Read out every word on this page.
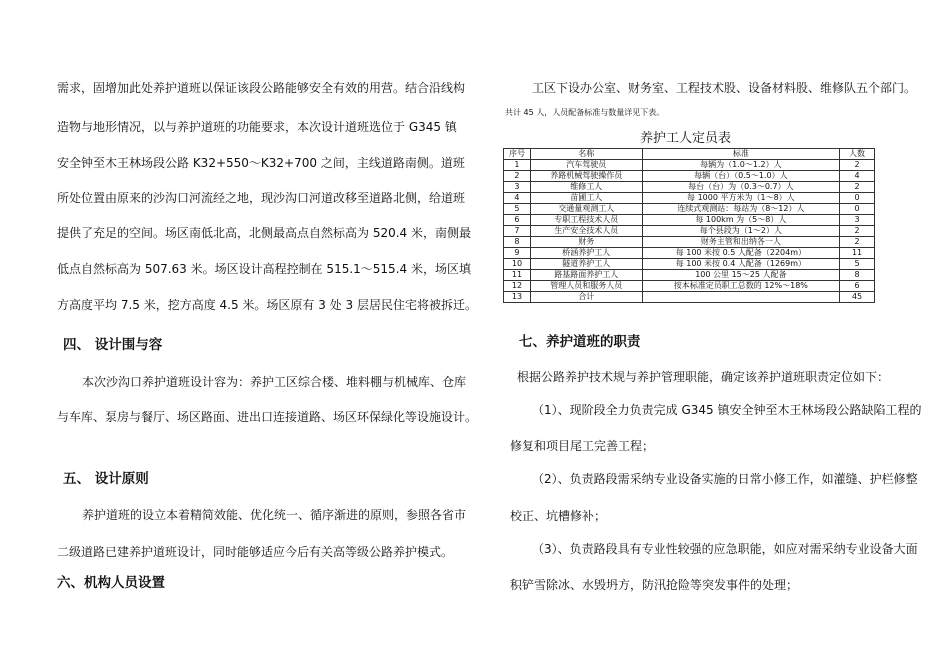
需求，固增加此处养护道班以保证该段公路能够安全有效的用营。结合沿线构
造物与地形情况，以与养护道班的功能要求，本次设计道班选位于 G345 镇
安全钟至木王林场段公路 K32+550～K32+700 之间，主线道路南侧。道班
所处位置由原来的沙沟口河流经之地，现沙沟口河道改移至道路北侧，给道班
提供了充足的空间。场区南低北高，北侧最高点自然标高为 520.4 米，南侧最
低点自然标高为 507.63 米。场区设计高程控制在 515.1～515.4 米，场区填
方高度平均 7.5 米，挖方高度 4.5 米。场区原有 3 处 3 层居民住宅将被拆迁。
四、 设计围与容
本次沙沟口养护道班设计容为：养护工区综合楼、堆料棚与机械库、仓库
与车库、泵房与餐厅、场区路面、进出口连接道路、场区环保绿化等设施设计。
五、 设计原则
养护道班的设立本着精简效能、优化统一、循序渐进的原则，参照各省市
二级道路已建养护道班设计，同时能够适应今后有关高等级公路养护模式。
六、机构人员设置
工区下设办公室、财务室、工程技术股、设备材料股、维修队五个部门。
共计 45 人，人员配备标准与数量详见下表。
养护工人定员表
序号	名称	标准	人数
1	汽车驾驶员	每辆为（1.0～1.2）人	2
2	养路机械驾驶操作员	每辆（台）（0.5～1.0）人	4
3	维修工人	每台（台）为（0.3～0.7）人	2
4	苗圃工人	每 1000 平方米为（1～8）人	0
5	交通量观测工人	连续式观测站：每站为（8～12）人	0
6	专职工程技术人员	每 100km 为（5～8）人	3
7	生产安全技术人员	每个县段为（1～2）人	2
8	财务	财务主管和出纳各一人	2
9	桥涵养护工人	每 100 米按 0.5 人配备（2204m）	11
10	隧道养护工人	每 100 米按 0.4 人配备（1269m）	5
11	路基路面养护工人	100 公里 15～25 人配备	8
12	管理人员和服务人员	按本标准定员职工总数的 12%～18%	6
13	合计		45
七、养护道班的职责
根据公路养护技术规与养护管理职能，确定该养护道班职责定位如下：
（1）、现阶段全力负责完成 G345 镇安全钟至木王林场段公路缺陷工程的
修复和项目尾工完善工程；
（2）、负责路段需采纳专业设备实施的日常小修工作，如灌缝、护栏修整
校正、坑槽修补；
（3）、负责路段具有专业性较强的应急职能，如应对需采纳专业设备大面
积铲雪除冰、水毁坍方，防汛抢险等突发事件的处理；
